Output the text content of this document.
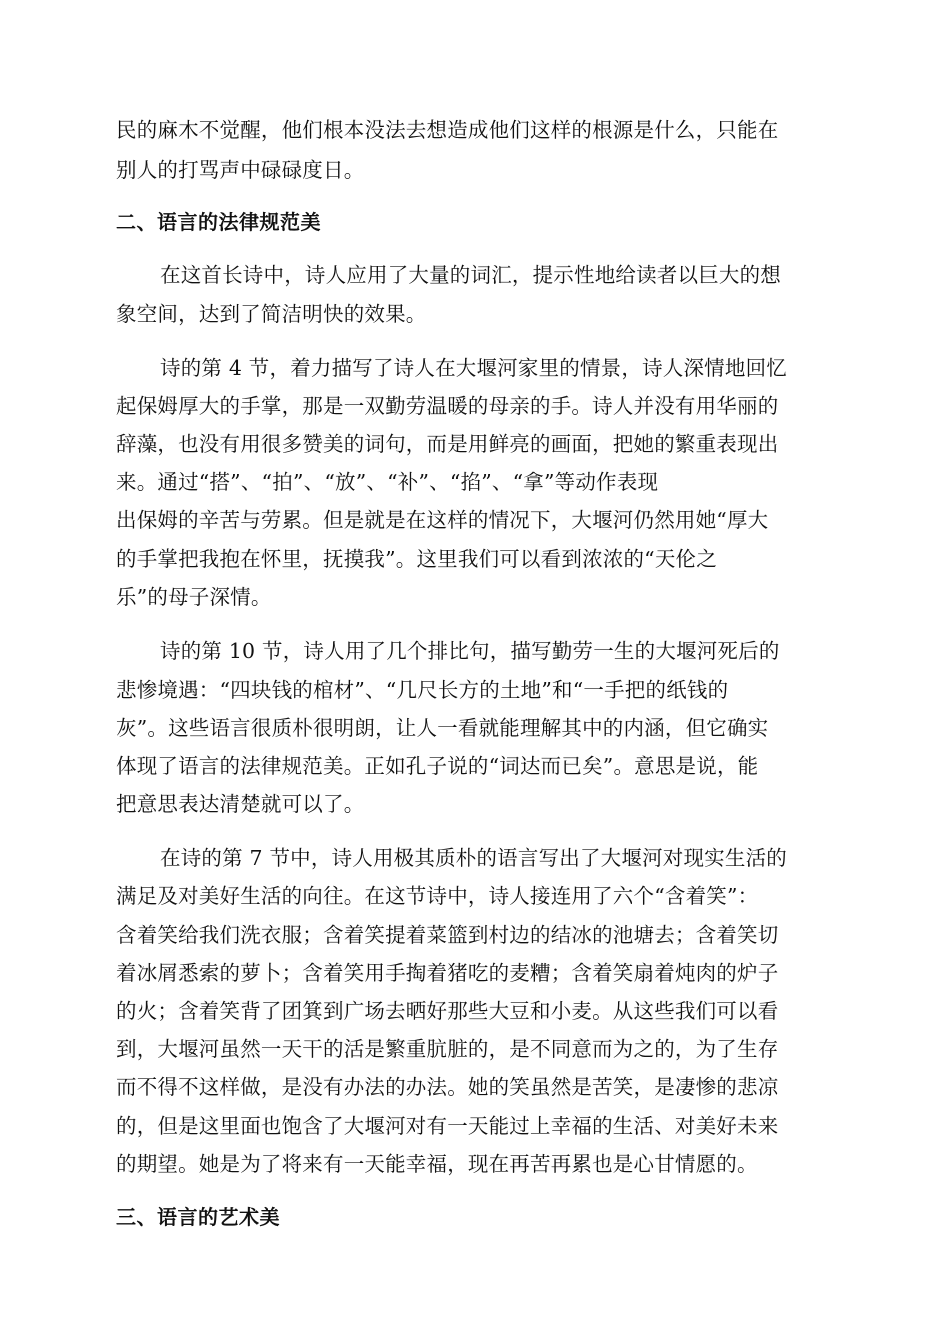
民的麻木不觉醒，他们根本没法去想造成他们这样的根源是什么，只能在
别人的打骂声中碌碌度日。
二、语言的法律规范美
在这首长诗中，诗人应用了大量的词汇，提示性地给读者以巨大的想
象空间，达到了简洁明快的效果。
诗的第 4 节，着力描写了诗人在大堰河家里的情景，诗人深情地回忆
起保姆厚大的手掌，那是一双勤劳温暖的母亲的手。诗人并没有用华丽的
辞藻，也没有用很多赞美的词句，而是用鲜亮的画面，把她的繁重表现出
来。通过“搭”、“拍”、“放”、“补”、“掐”、“拿”等动作表现
出保姆的辛苦与劳累。但是就是在这样的情况下，大堰河仍然用她“厚大
的手掌把我抱在怀里，抚摸我”。这里我们可以看到浓浓的“天伦之
乐”的母子深情。
诗的第 10 节，诗人用了几个排比句，描写勤劳一生的大堰河死后的
悲惨境遇：“四块钱的棺材”、“几尺长方的土地”和“一手把的纸钱的
灰”。这些语言很质朴很明朗，让人一看就能理解其中的内涵，但它确实
体现了语言的法律规范美。正如孔子说的“词达而已矣”。意思是说，能
把意思表达清楚就可以了。
在诗的第 7 节中，诗人用极其质朴的语言写出了大堰河对现实生活的
满足及对美好生活的向往。在这节诗中，诗人接连用了六个“含着笑”：
含着笑给我们洗衣服；含着笑提着菜篮到村边的结冰的池塘去；含着笑切
着冰屑悉索的萝卜；含着笑用手掏着猪吃的麦糟；含着笑扇着炖肉的炉子
的火；含着笑背了团箕到广场去晒好那些大豆和小麦。从这些我们可以看
到，大堰河虽然一天干的活是繁重肮脏的，是不同意而为之的，为了生存
而不得不这样做，是没有办法的办法。她的笑虽然是苦笑，是凄惨的悲凉
的，但是这里面也饱含了大堰河对有一天能过上幸福的生活、对美好未来
的期望。她是为了将来有一天能幸福，现在再苦再累也是心甘情愿的。
三、语言的艺术美
